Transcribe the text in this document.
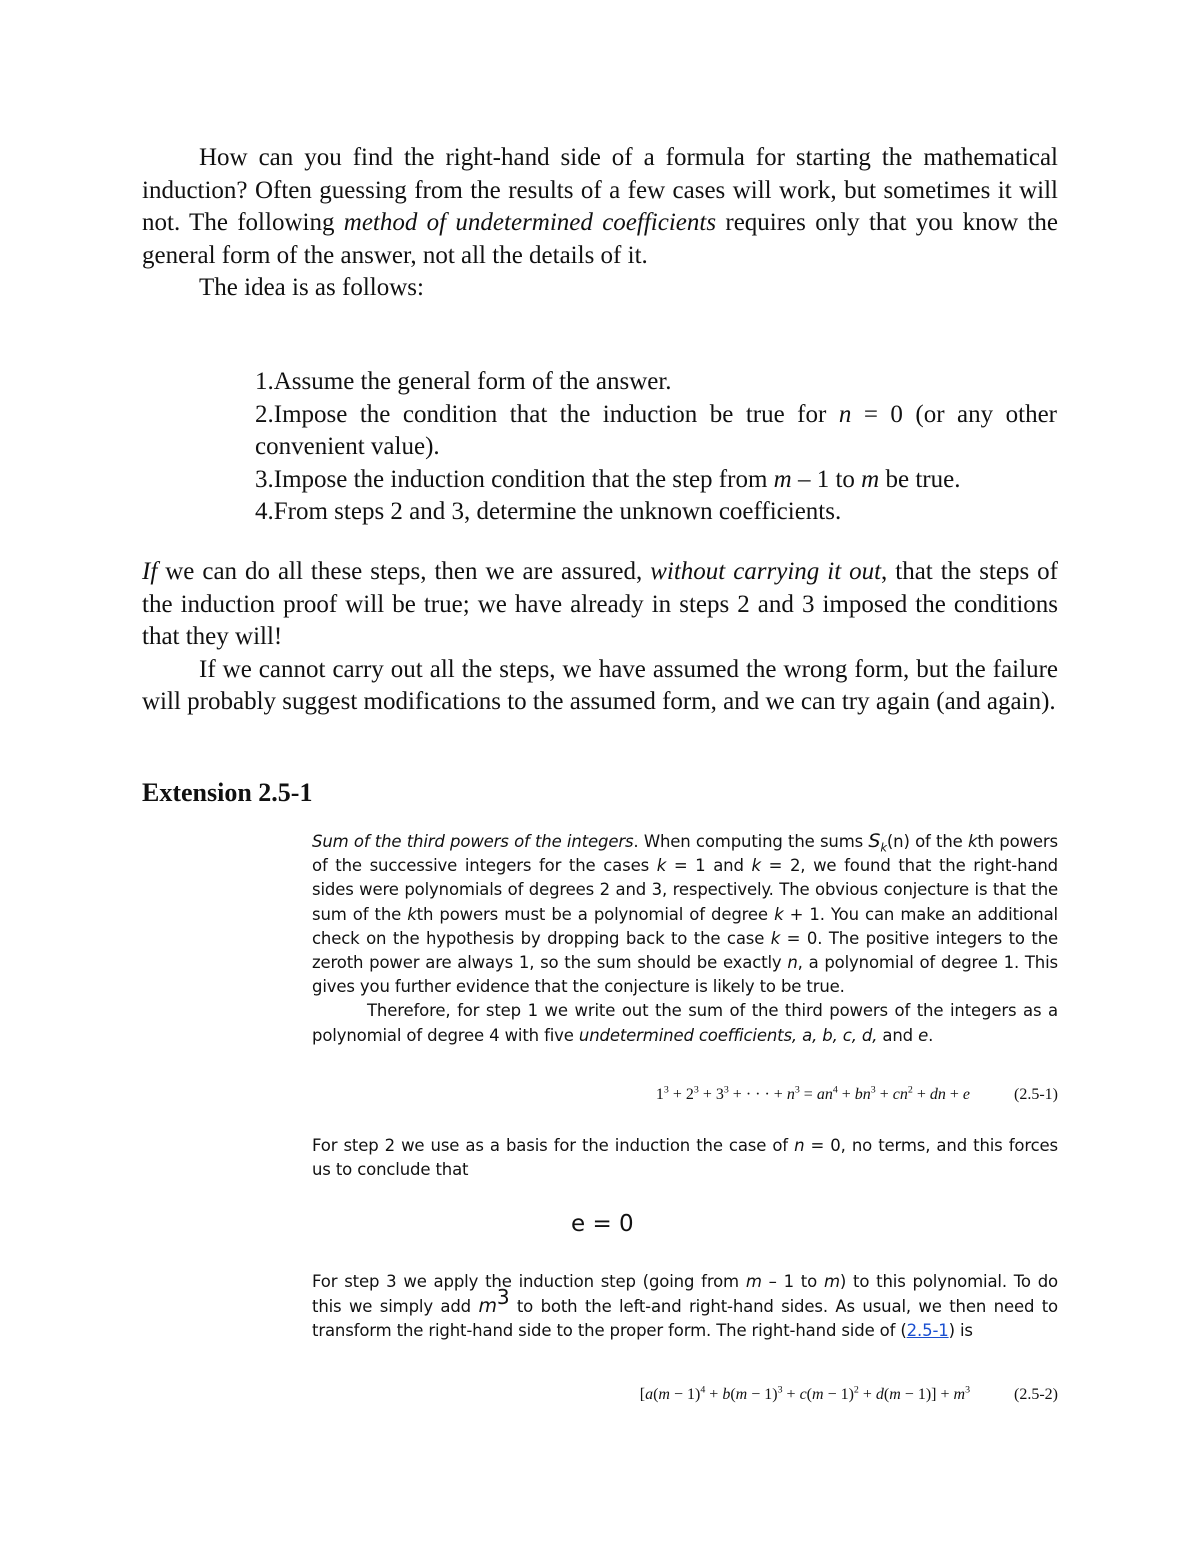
How can you find the right-hand side of a formula for starting the mathematical induction? Often guessing from the results of a few cases will work, but sometimes it will not. The following method of undetermined coefficients requires only that you know the general form of the answer, not all the details of it.

The idea is as follows:

1.Assume the general form of the answer.

2.Impose the condition that the induction be true for n = 0 (or any other convenient value).

3.Impose the induction condition that the step from m – 1 to m be true.

4.From steps 2 and 3, determine the unknown coefficients.

If we can do all these steps, then we are assured, without carrying it out, that the steps of the induction proof will be true; we have already in steps 2 and 3 imposed the conditions that they will!

If we cannot carry out all the steps, we have assumed the wrong form, but the failure will probably suggest modifications to the assumed form, and we can try again (and again).

Extension 2.5-1

Sum of the third powers of the integers. When computing the sums $S_k(n)$ of the kth powers of the successive integers for the cases k = 1 and k = 2, we found that the right-hand sides were polynomials of degrees 2 and 3, respectively. The obvious conjecture is that the sum of the kth powers must be a polynomial of degree k + 1. You can make an additional check on the hypothesis by dropping back to the case k = 0. The positive integers to the zeroth power are always 1, so the sum should be exactly n, a polynomial of degree 1. This gives you further evidence that the conjecture is likely to be true.

Therefore, for step 1 we write out the sum of the third powers of the integers as a polynomial of degree 4 with five undetermined coefficients, a, b, c, d, and e.

$1^3 + 2^3 + 3^3$ + · · · + $n^3 = an^4 + bn^3 + cn^2$ + dn + e	(2.5-1)

For step 2 we use as a basis for the induction the case of n = 0, no terms, and this forces us to conclude that

e = 0

For step 3 we apply the induction step (going from m – 1 to m) to this polynomial. To do this we simply add $m^3$ to both the left-and right-hand sides. As usual, we then need to transform the right-hand side to the proper form. The right-hand side of (2.5-1) is

$[a(m - 1)^4 + b(m - 1)^3 + c(m - 1)^2 + d(m - 1)] + m^3$	(2.5-2)
